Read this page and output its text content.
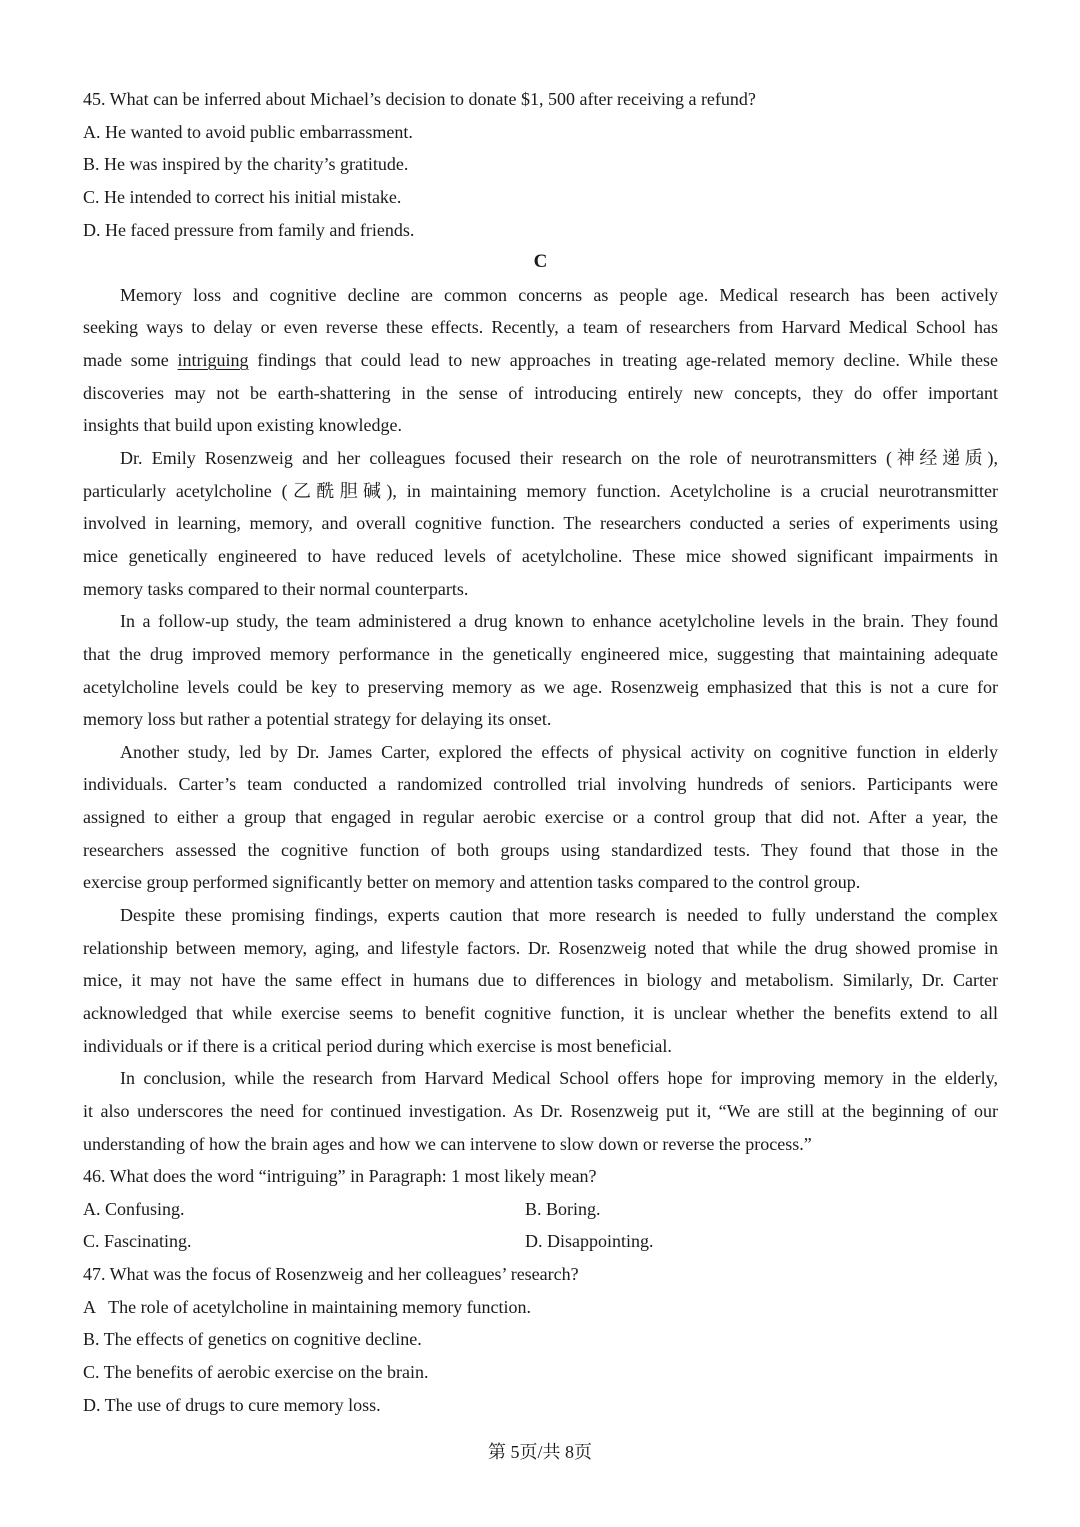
45. What can be inferred about Michael’s decision to donate $1, 500 after receiving a refund?
A. He wanted to avoid public embarrassment.
B. He was inspired by the charity’s gratitude.
C. He intended to correct his initial mistake.
D. He faced pressure from family and friends.
C
Memory loss and cognitive decline are common concerns as people age. Medical research has been actively
seeking ways to delay or even reverse these effects. Recently, a team of researchers from Harvard Medical School has
made some intriguing findings that could lead to new approaches in treating age-related memory decline. While these
discoveries may not be earth-shattering in the sense of introducing entirely new concepts, they do offer important
insights that build upon existing knowledge.
Dr. Emily Rosenzweig and her colleagues focused their research on the role of neurotransmitters (神经递质),
particularly acetylcholine (乙酰胆碱), in maintaining memory function. Acetylcholine is a crucial neurotransmitter
involved in learning, memory, and overall cognitive function. The researchers conducted a series of experiments using
mice genetically engineered to have reduced levels of acetylcholine. These mice showed significant impairments in
memory tasks compared to their normal counterparts.
In a follow-up study, the team administered a drug known to enhance acetylcholine levels in the brain. They found
that the drug improved memory performance in the genetically engineered mice, suggesting that maintaining adequate
acetylcholine levels could be key to preserving memory as we age. Rosenzweig emphasized that this is not a cure for
memory loss but rather a potential strategy for delaying its onset.
Another study, led by Dr. James Carter, explored the effects of physical activity on cognitive function in elderly
individuals. Carter’s team conducted a randomized controlled trial involving hundreds of seniors. Participants were
assigned to either a group that engaged in regular aerobic exercise or a control group that did not. After a year, the
researchers assessed the cognitive function of both groups using standardized tests. They found that those in the
exercise group performed significantly better on memory and attention tasks compared to the control group.
Despite these promising findings, experts caution that more research is needed to fully understand the complex
relationship between memory, aging, and lifestyle factors. Dr. Rosenzweig noted that while the drug showed promise in
mice, it may not have the same effect in humans due to differences in biology and metabolism. Similarly, Dr. Carter
acknowledged that while exercise seems to benefit cognitive function, it is unclear whether the benefits extend to all
individuals or if there is a critical period during which exercise is most beneficial.
In conclusion, while the research from Harvard Medical School offers hope for improving memory in the elderly,
it also underscores the need for continued investigation. As Dr. Rosenzweig put it, “We are still at the beginning of our
understanding of how the brain ages and how we can intervene to slow down or reverse the process.”
46. What does the word “intriguing” in Paragraph: 1 most likely mean?
A. Confusing.	B. Boring.
C. Fascinating.	D. Disappointing.
47. What was the focus of Rosenzweig and her colleagues’ research?
A   The role of acetylcholine in maintaining memory function.
B. The effects of genetics on cognitive decline.
C. The benefits of aerobic exercise on the brain.
D. The use of drugs to cure memory loss.
第 5页/共 8页
